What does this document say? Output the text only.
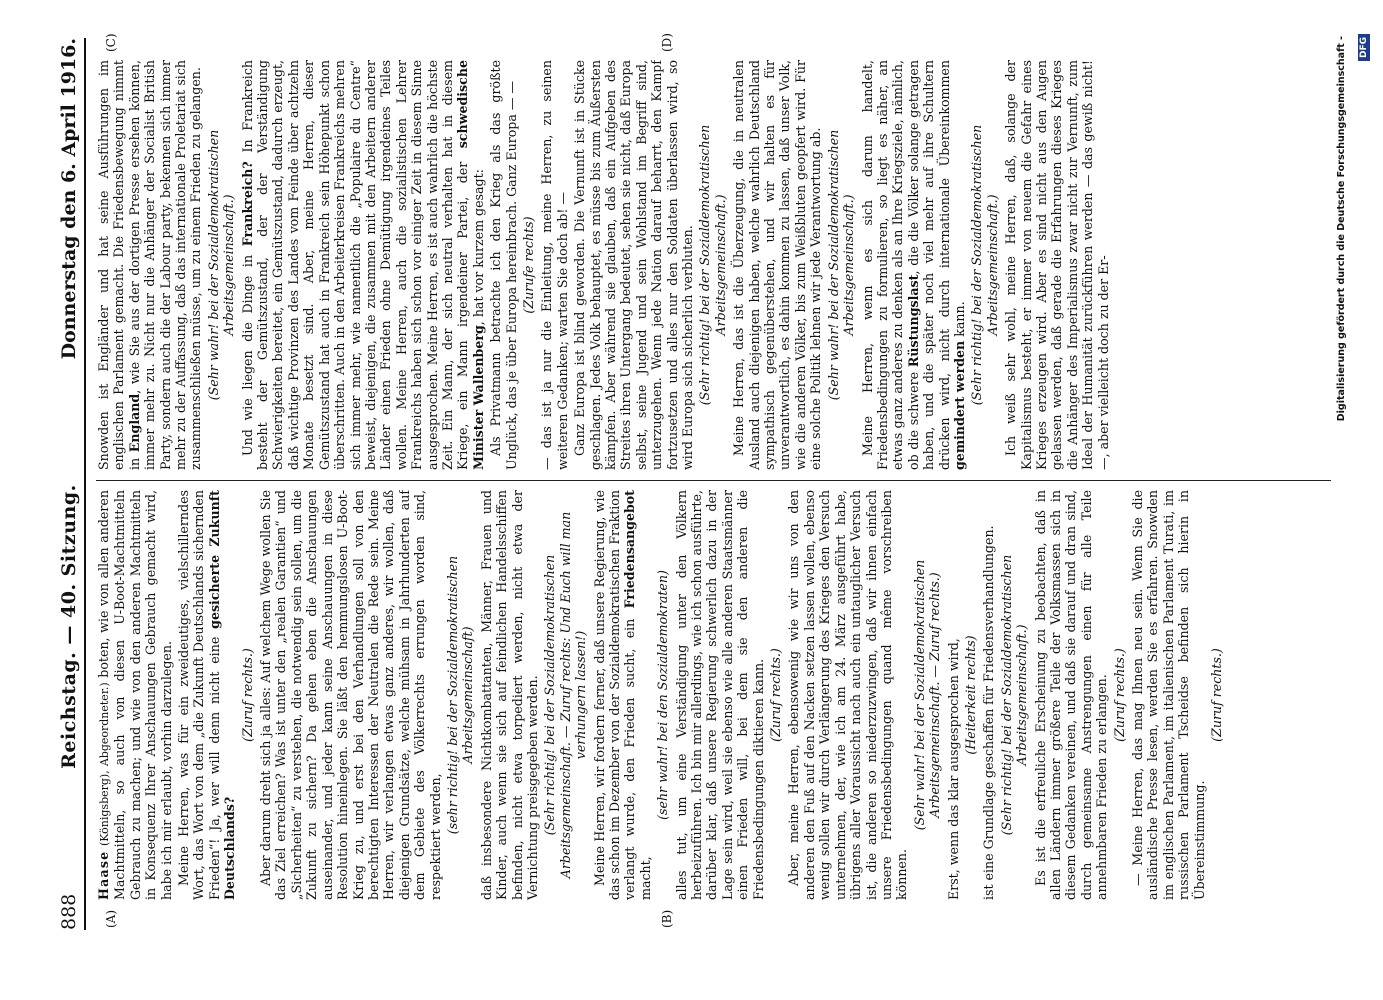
888
Reichstag. — 40. Sitzung.
Donnerstag den 6. April 1916.
(A)	(B)
(C)	(D)

Haase (Königsberg), Abgeordneter.) boten, wie von allen anderen Machtmitteln, so auch von diesen U-Boot-Machtmitteln Gebrauch zu machen; und wie von den anderen Machtmitteln in Konsequenz Ihrer Anschauungen Gebrauch gemacht wird, habe ich mir erlaubt, vorhin darzulegen. Meine Herren, was für ein zweideutiges, vielschillerndes Wort, das Wort von dem „die Zukunft Deutschlands sichernden Frieden“! Ja, wer will denn nicht eine gesicherte Zukunft Deutschlands?

(Zuruf rechts.) Aber darum dreht sich ja alles: Auf welchem Wege wollen Sie das Ziel erreichen? Was ist unter den „realen Garantien“ und „Sicherheiten“ zu verstehen, die notwendig sein sollen, um die Zukunft zu sichern? Da gehen eben die Anschauungen auseinander, und jeder kann seine Anschauungen in diese Resolution hineinlegen. Sie läßt den hemmungslosen U-Boot-Krieg zu, und erst bei den Verhandlungen soll von den berechtigten Interessen der Neutralen die Rede sein. Meine Herren, wir verlangen etwas ganz anderes, wir wollen, daß diejenigen Grundsätze, welche mühsam in Jahrhunderten auf dem Gebiete des Völkerrechts errungen worden sind, respektiert werden,

(sehr richtig! bei der Sozialdemokratischen Arbeitsgemeinschaft) daß insbesondere Nichtkombattanten, Männer, Frauen und Kinder, auch wenn sie sich auf feindlichen Handelsschiffen befinden, nicht etwa torpediert werden, nicht etwa der Vernichtung preisgegeben werden. (Sehr richtig! bei der Sozialdemokratischen Arbeitsgemeinschaft. — Zuruf rechts: Und Euch will man verhungern lassen!) Meine Herren, wir fordern ferner, daß unsere Regierung, wie das schon im Dezember von der Sozialdemokratischen Fraktion verlangt wurde, den Frieden sucht, ein Friedensangebot macht,

(sehr wahr! bei den Sozialdemokraten) alles tut, um eine Verständigung unter den Völkern herbeizuführen. Ich bin mir allerdings, wie ich schon ausführte, darüber klar, daß unsere Regierung schwerlich dazu in der Lage sein wird, weil sie ebenso wie alle anderen Staatsmänner einen Frieden will, bei dem sie den anderen die Friedensbedingungen diktieren kann. (Zuruf rechts.) Aber, meine Herren, ebensowenig wie wir uns von den anderen den Fuß auf den Nacken setzen lassen wollen, ebenso wenig sollen wir durch Verlängerung des Krieges den Versuch unternehmen, der, wie ich am 24. März ausgeführt habe, übrigens aller Voraussicht nach auch ein untauglicher Versuch ist, die anderen so niederzuzwingen, daß wir ihnen einfach unsere Friedensbedingungen quand même vorschreiben können.

(Sehr wahr! bei der Sozialdemokratischen Arbeitsgemeinschaft. — Zuruf rechts.) Erst, wenn das klar ausgesprochen wird, (Heiterkeit rechts) ist eine Grundlage geschaffen für Friedensverhandlungen. (Sehr richtig! bei der Sozialdemokratischen Arbeitsgemeinschaft.) Es ist die erfreuliche Erscheinung zu beobachten, daß in allen Ländern immer größere Teile der Volksmassen sich in diesem Gedanken vereinen, und daß sie darauf und dran sind, durch gemeinsame Anstrengungen einen für alle Teile annehmbaren Frieden zu erlangen. (Zuruf rechts.) — Meine Herren, das mag Ihnen neu sein. Wenn Sie die ausländische Presse lesen, werden Sie es erfahren. Snowden im englischen Parlament, im italienischen Parlament Turati, im russischen Parlament Tscheidse befinden sich hierin in Übereinstimmung.

(Zuruf rechts.)

Snowden ist Engländer und hat seine Ausführungen im englischen Parlament gemacht. Die Friedensbewegung nimmt in England, wie Sie aus der dortigen Presse ersehen können, immer mehr zu. Nicht nur die Anhänger der Socialist British Party, sondern auch die der Labour party, bekennen sich immer mehr zu der Auffassung, daß das internationale Proletariat sich zusammenschließen müsse, um zu einem Frieden zu gelangen. (Sehr wahr! bei der Sozialdemokratischen Arbeitsgemeinschaft.) Und wie liegen die Dinge in Frankreich? In Frankreich besteht der Gemütszustand, der der Verständigung Schwierigkeiten bereitet, ein Gemütszustand, dadurch erzeugt, daß wichtige Provinzen des Landes vom Feinde über achtzehn Monate besetzt sind. Aber, meine Herren, dieser Gemütszustand hat auch in Frankreich sein Höhepunkt schon überschritten. Auch in den Arbeiterkreisen Frankreichs mehren sich immer mehr, wie namentlich die „Populaire du Centre“ beweist, diejenigen, die zusammen mit den Arbeitern anderer Länder einen Frieden ohne Demütigung irgendeines Teiles wollen. Meine Herren, auch die sozialistischen Lehrer Frankreichs haben sich schon vor einiger Zeit in diesem Sinne ausgesprochen. Meine Herren, es ist auch wahrlich die höchste Zeit. Ein Mann, der sich neutral verhalten hat in diesem Kriege, ein Mann irgendeiner Partei, der schwedische Minister Wallenberg, hat vor kurzem gesagt: Als Privatmann betrachte ich den Krieg als das größte Unglück, das je über Europa hereinbrach. Ganz Europa — — (Zurufe rechts) — das ist ja nur die Einleitung, meine Herren, zu seinen weiteren Gedanken; warten Sie doch ab! — Ganz Europa ist blind geworden. Die Vernunft ist in Stücke geschlagen. Jedes Volk behauptet, es müsse bis zum Äußersten kämpfen. Aber während sie glauben, daß ein Aufgeben des Streites ihren Untergang bedeutet, sehen sie nicht, daß Europa selbst, seine Jugend und sein Wohlstand im Begriff sind, unterzugehen. Wenn jede Nation darauf beharrt, den Kampf fortzusetzen und alles nur den Soldaten überlassen wird, so wird Europa sich sicherlich verbluten. (Sehr richtig! bei der Sozialdemokratischen Arbeitsgemeinschaft.) Meine Herren, das ist die Überzeugung, die in neutralen Ausland auch diejenigen haben, welche wahrlich Deutschland sympathisch gegenüberstehen, und wir halten es für unverantwortlich, es dahin kommen zu lassen, daß unser Volk, wie die anderen Völker, bis zum Weißbluten geopfert wird. Für eine solche Politik lehnen wir jede Verantwortung ab. (Sehr wahr! bei der Sozialdemokratischen Arbeitsgemeinschaft.) Meine Herren, wenn es sich darum handelt, Friedensbedingungen zu formulieren, so liegt es näher, an etwas ganz anderes zu denken als an Ihre Kriegsziele, nämlich, ob die schwere Rüstungslast, die die Völker solange getragen haben, und die später noch viel mehr auf ihre Schultern drücken wird, nicht durch internationale Übereinkommen gemindert werden kann. (Sehr richtig! bei der Sozialdemokratischen Arbeitsgemeinschaft.) Ich weiß sehr wohl, meine Herren, daß, solange der Kapitalismus besteht, er immer von neuem die Gefahr eines Krieges erzeugen wird. Aber es sind nicht aus den Augen gelassen werden, daß gerade die Erfahrungen dieses Krieges die Anhänger des Imperialismus zwar nicht zur Vernunft, zum Ideal der Humanität zurückführen werden — das gewiß nicht! —, aber vielleicht doch zu der Er-	Digitalisierung gefördert durch die Deutsche Forschungsgemeinschaft - DFG
